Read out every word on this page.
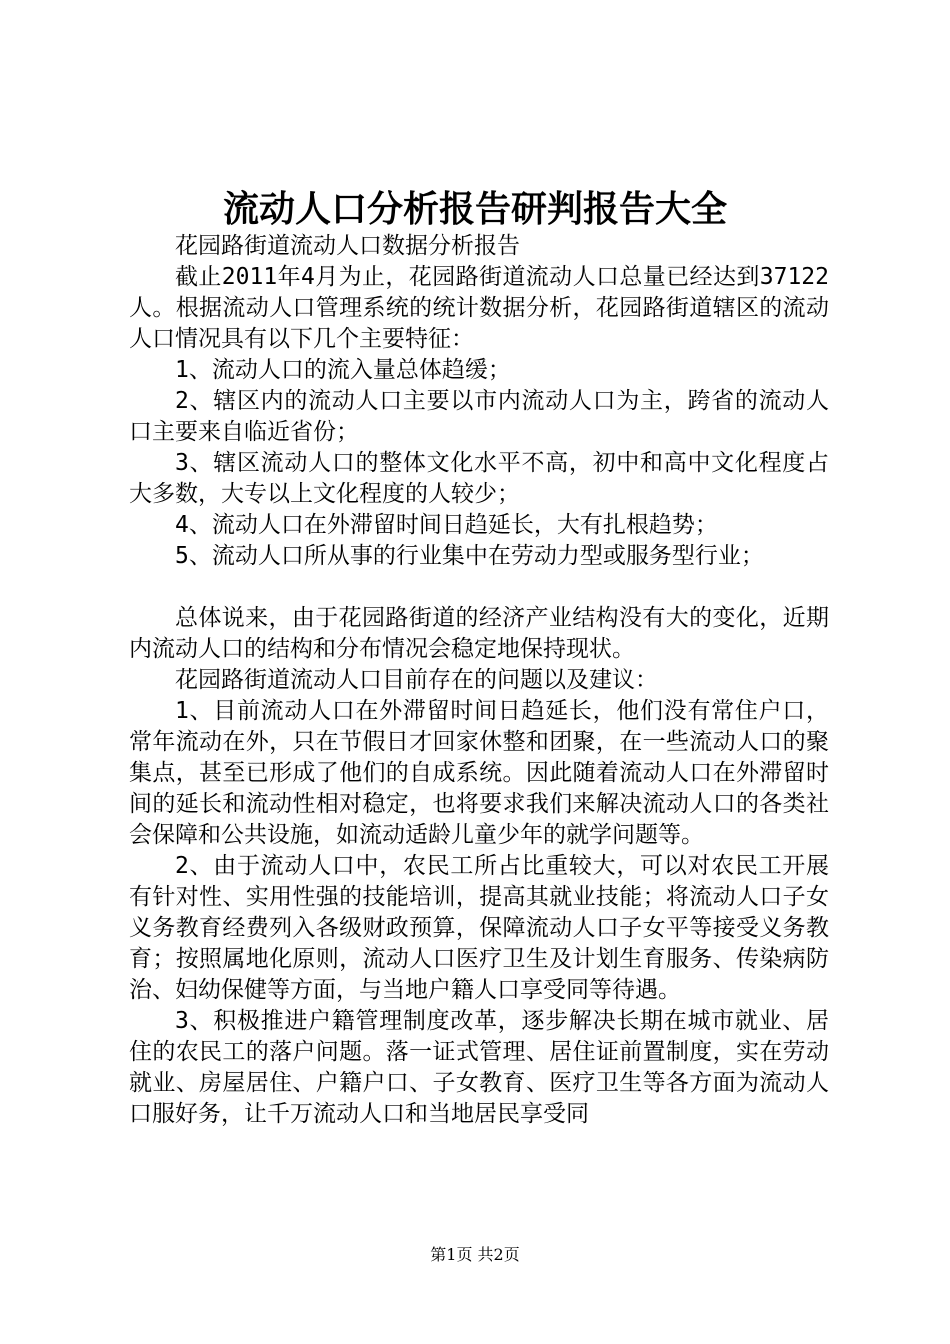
流动人口分析报告研判报告大全

花园路街道流动人口数据分析报告

截止2011年4月为止，花园路街道流动人口总量已经达到37122人。根据流动人口管理系统的统计数据分析，花园路街道辖区的流动人口情况具有以下几个主要特征：

1、流动人口的流入量总体趋缓；

2、辖区内的流动人口主要以市内流动人口为主，跨省的流动人口主要来自临近省份；

3、辖区流动人口的整体文化水平不高，初中和高中文化程度占大多数，大专以上文化程度的人较少；

4、流动人口在外滞留时间日趋延长，大有扎根趋势；

5、流动人口所从事的行业集中在劳动力型或服务型行业；

总体说来，由于花园路街道的经济产业结构没有大的变化，近期内流动人口的结构和分布情况会稳定地保持现状。

花园路街道流动人口目前存在的问题以及建议：

1、目前流动人口在外滞留时间日趋延长，他们没有常住户口，常年流动在外，只在节假日才回家休整和团聚，在一些流动人口的聚集点，甚至已形成了他们的自成系统。因此随着流动人口在外滞留时间的延长和流动性相对稳定，也将要求我们来解决流动人口的各类社会保障和公共设施，如流动适龄儿童少年的就学问题等。

2、由于流动人口中，农民工所占比重较大，可以对农民工开展有针对性、实用性强的技能培训，提高其就业技能；将流动人口子女义务教育经费列入各级财政预算，保障流动人口子女平等接受义务教育；按照属地化原则，流动人口医疗卫生及计划生育服务、传染病防治、妇幼保健等方面，与当地户籍人口享受同等待遇。

3、积极推进户籍管理制度改革，逐步解决长期在城市就业、居住的农民工的落户问题。落一证式管理、居住证前置制度，实在劳动就业、房屋居住、户籍户口、子女教育、医疗卫生等各方面为流动人口服好务，让千万流动人口和当地居民享受同

第1页 共2页
